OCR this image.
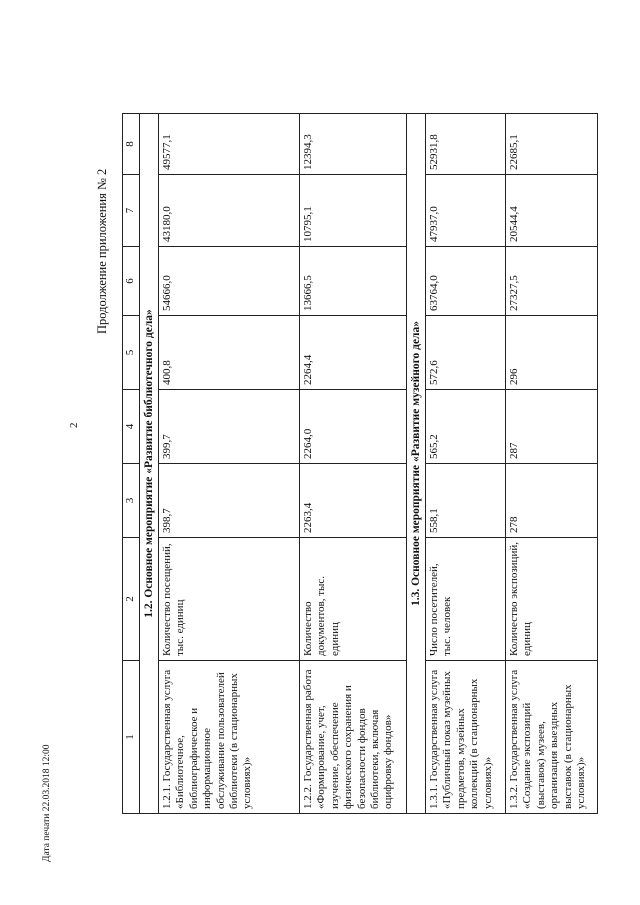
Дата печати 22.03.2018 12:00
2
Продолжение приложения № 2
1	2	3	4	5	6	7	8
1.2. Основное мероприятие «Развитие библиотечного дела»							
1.2.1. Государственная услуга «Библиотечное, библиографическое и информационное обслуживание пользователей библиотеки (в стационарных условиях)»	Количество посещений, тыс. единиц	398,7	399,7	400,8	54666,0	43180,0	49577,1
1.2.2. Государственная работа «Формирование, учет, изучение, обеспечение физического сохранения и безопасности фондов библиотеки, включая оцифровку фондов»	Количество документов, тыс. единиц	2263,4	2264,0	2264,4	13666,5	10795,1	12394,3
1.3. Основное мероприятие «Развитие музейного дела»							
1.3.1. Государственная услуга «Публичный показ музейных предметов, музейных коллекций (в стационарных условиях)»	Число посетителей, тыс. человек	558,1	565,2	572,6	63764,0	47937,0	52931,8
1.3.2. Государственная услуга «Создание экспозиций (выставок) музеев, организация выездных выставок (в стационарных условиях)»	Количество экспозиций, единиц	278	287	296	27327,5	20544,4	22685,1
